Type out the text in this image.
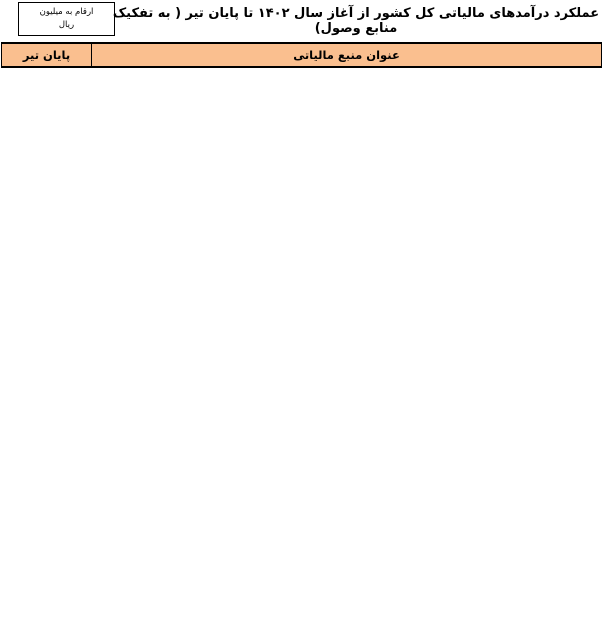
ارقام به میلیون
ریال
عملکرد درآمدهای مالیاتی کل کشور از آغاز سال ۱۴۰۲ تا پایان تیر ( به تفکیک منابع وصول)
عنوان منبع مالیاتی
پایان تیر
